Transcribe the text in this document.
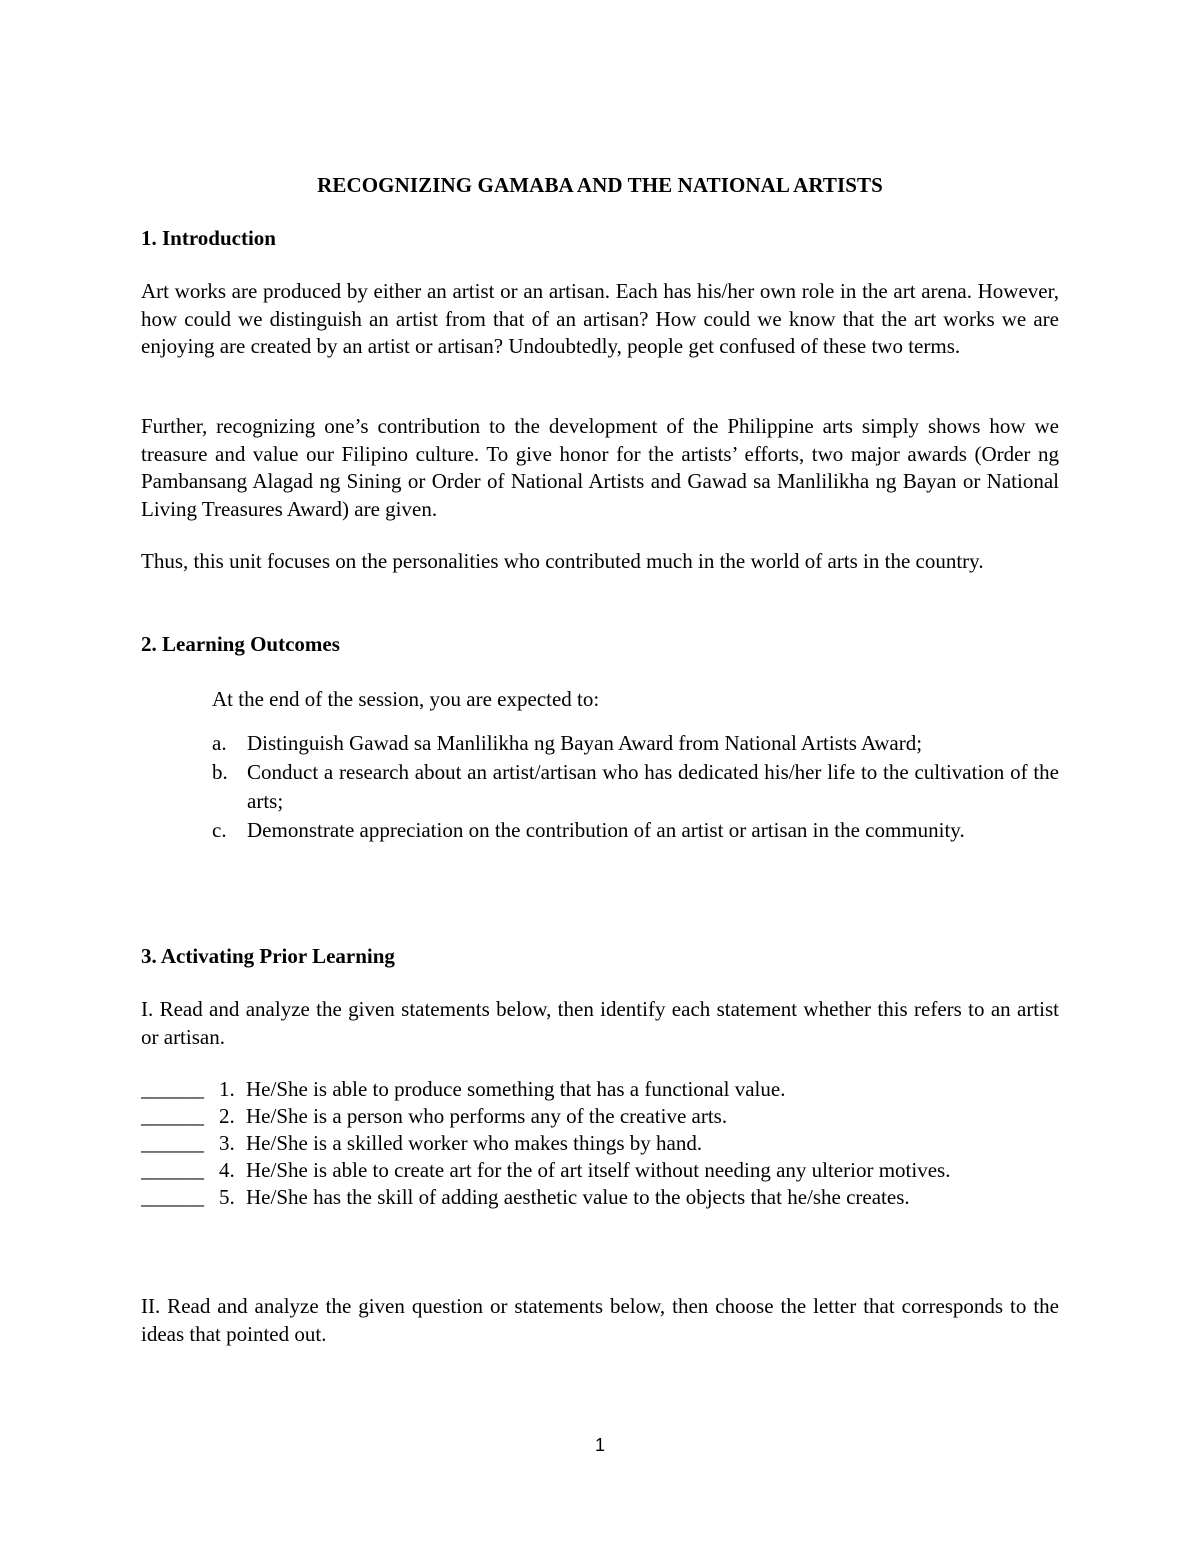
RECOGNIZING GAMABA AND THE NATIONAL ARTISTS
1. Introduction
Art works are produced by either an artist or an artisan. Each has his/her own role in the art arena. However, how could we distinguish an artist from that of an artisan? How could we know that the art works we are enjoying are created by an artist or artisan? Undoubtedly, people get confused of these two terms.
Further, recognizing one’s contribution to the development of the Philippine arts simply shows how we treasure and value our Filipino culture. To give honor for the artists’ efforts, two major awards (Order ng Pambansang Alagad ng Sining or Order of National Artists and Gawad sa Manlilikha ng Bayan or National Living Treasures Award) are given.
Thus, this unit focuses on the personalities who contributed much in the world of arts in the country.
2. Learning Outcomes
At the end of the session, you are expected to:
a. Distinguish Gawad sa Manlilikha ng Bayan Award from National Artists Award;
b. Conduct a research about an artist/artisan who has dedicated his/her life to the cultivation of the arts;
c. Demonstrate appreciation on the contribution of an artist or artisan in the community.
3. Activating Prior Learning
I. Read and analyze the given statements below, then identify each statement whether this refers to an artist or artisan.
______ 1. He/She is able to produce something that has a functional value.
______ 2. He/She is a person who performs any of the creative arts.
______ 3. He/She is a skilled worker who makes things by hand.
______ 4. He/She is able to create art for the of art itself without needing any ulterior motives.
______ 5. He/She has the skill of adding aesthetic value to the objects that he/she creates.
II. Read and analyze the given question or statements below, then choose the letter that corresponds to the ideas that pointed out.
1
